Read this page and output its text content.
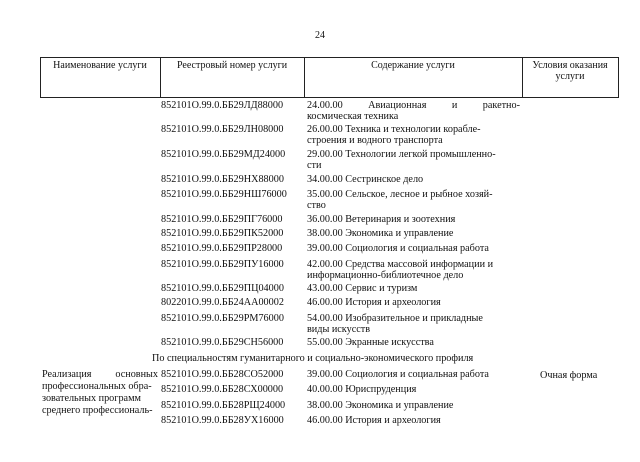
24
Наименование услуги	Реестровый номер услуги	Содержание услуги	Условия оказания
услуги
852101О.99.0.ББ29ЛД88000 24.00.00 Авиационная и ракетно-
космическая техника
852101О.99.0.ББ29ЛН08000 26.00.00 Техника и технологии кораблe-
строения и водного транспорта
852101О.99.0.ББ29МД24000 29.00.00 Технологии легкой промышленно-
сти
852101О.99.0.ББ29НХ88000 34.00.00 Сестринское дело
852101О.99.0.ББ29НШ76000 35.00.00 Сельское, лесное и рыбное хозяй-
ство
852101О.99.0.ББ29ПГ76000 36.00.00 Ветеринария и зоотехния
852101О.99.0.ББ29ПК52000 38.00.00 Экономика и управление
852101О.99.0.ББ29ПР28000 39.00.00 Социология и социальная работа
852101О.99.0.ББ29ПУ16000 42.00.00 Средства массовой информации и
информационно-библиотечное дело
852101О.99.0.ББ29ПЦ04000 43.00.00 Сервис и туризм
802201О.99.0.ББ24АА00002 46.00.00 История и археология
852101О.99.0.ББ29РМ76000 54.00.00 Изобразительное и прикладные
виды искусств
852101О.99.0.ББ29СН56000 55.00.00 Экранные искусства
По специальностям гуманитарного и социально-экономического профиля
Реализация основных
профессиональных обра-
зовательных программ
среднего профессиональ-
Очная форма
852101О.99.0.ББ28СО52000 39.00.00 Социология и социальная работа
852101О.99.0.ББ28СХ00000 40.00.00 Юриспруденция
852101О.99.0.ББ28РЩ24000 38.00.00 Экономика и управление
852101О.99.0.ББ28УХ16000 46.00.00 История и археология
